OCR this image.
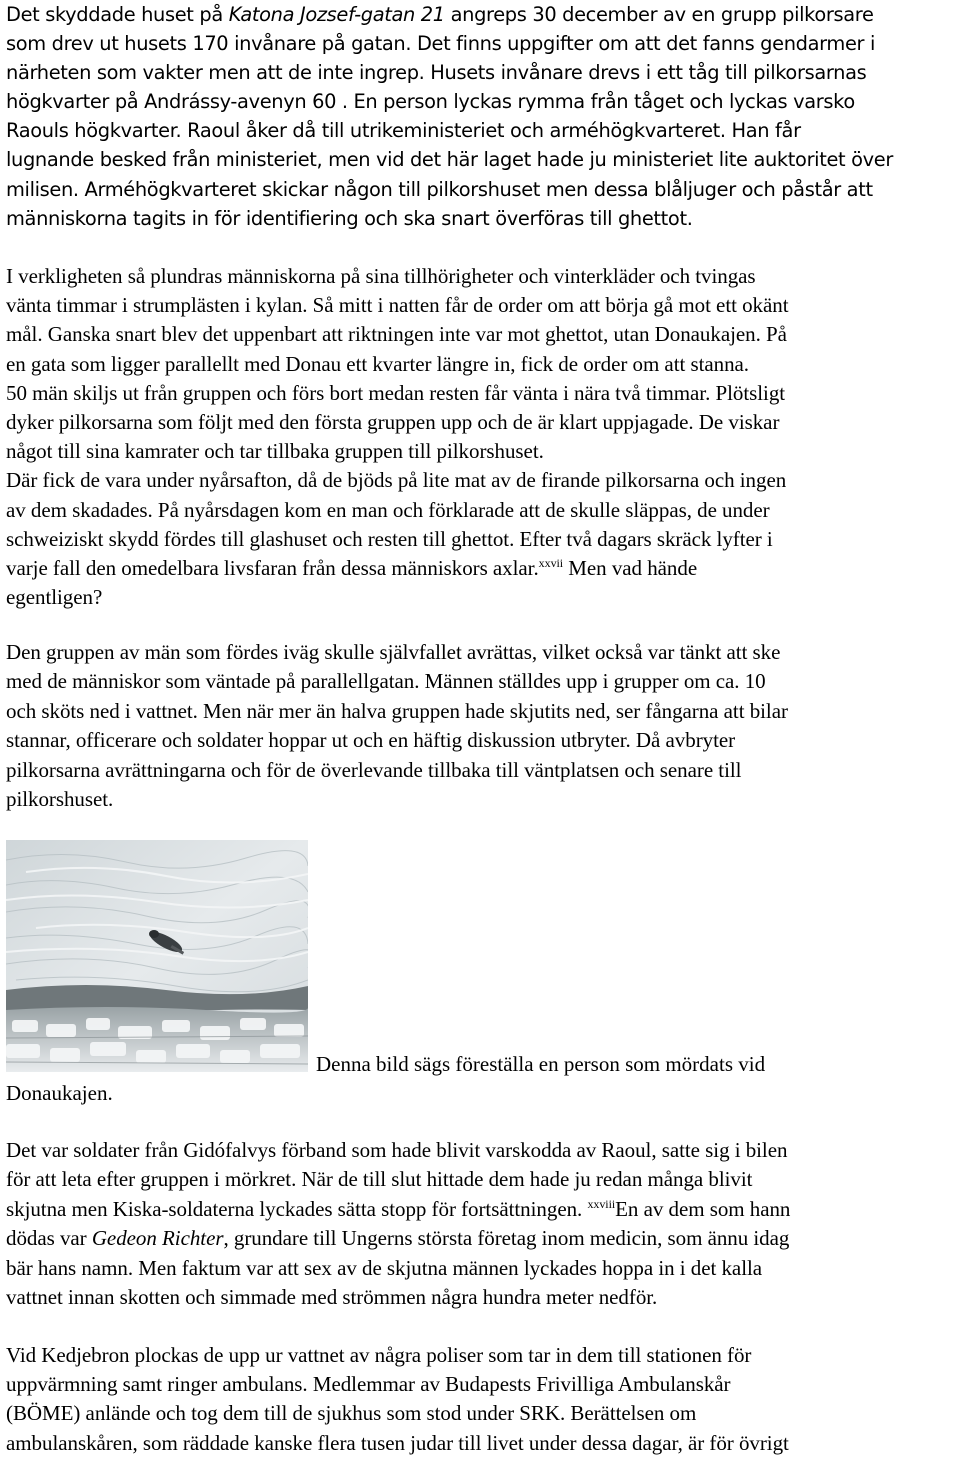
Det skyddade huset på Katona Jozsef-gatan 21 angreps 30 december av en grupp pilkorsare
som drev ut husets 170 invånare på gatan. Det finns uppgifter om att det fanns gendarmer i
närheten som vakter men att de inte ingrep. Husets invånare drevs i ett tåg till pilkorsarnas
högkvarter på Andrássy-avenyn 60 . En person lyckas rymma från tåget och lyckas varsko
Raouls högkvarter. Raoul åker då till utrikeministeriet och arméhögkvarteret. Han får
lugnande besked från ministeriet, men vid det här laget hade ju ministeriet lite auktoritet över
milisen. Arméhögkvarteret skickar någon till pilkorshuset men dessa blåljuger och påstår att
människorna tagits in för identifiering och ska snart överföras till ghettot.

I verkligheten så plundras människorna på sina tillhörigheter och vinterkläder och tvingas
vänta timmar i strumplästen i kylan. Så mitt i natten får de order om att börja gå mot ett okänt
mål. Ganska snart blev det uppenbart att riktningen inte var mot ghettot, utan Donaukajen. På
en gata som ligger parallellt med Donau ett kvarter längre in, fick de order om att stanna.
50 män skiljs ut från gruppen och förs bort medan resten får vänta i nära två timmar. Plötsligt
dyker pilkorsarna som följt med den första gruppen upp och de är klart uppjagade. De viskar
något till sina kamrater och tar tillbaka gruppen till pilkorshuset.
Där fick de vara under nyårsafton, då de bjöds på lite mat av de firande pilkorsarna och ingen
av dem skadades. På nyårsdagen kom en man och förklarade att de skulle släppas, de under
schweiziskt skydd fördes till glashuset och resten till ghettot. Efter två dagars skräck lyfter i
varje fall den omedelbara livsfaran från dessa människors axlar.$^{xxvii}$ Men vad hände
egentligen?

Den gruppen av män som fördes iväg skulle självfallet avrättas, vilket också var tänkt att ske
med de människor som väntade på parallellgatan. Männen ställdes upp i grupper om ca. 10
och sköts ned i vattnet. Men när mer än halva gruppen hade skjutits ned, ser fångarna att bilar
stannar, officerare och soldater hoppar ut och en häftig diskussion utbryter. Då avbryter
pilkorsarna avrättningarna och för de överlevande tillbaka till väntplatsen och senare till
pilkorshuset.

Denna bild sägs föreställa en person som mördats vid

Donaukajen.

Det var soldater från Gidófalvys förband som hade blivit varskodda av Raoul, satte sig i bilen
för att leta efter gruppen i mörkret. När de till slut hittade dem hade ju redan många blivit
skjutna men Kiska-soldaterna lyckades sätta stopp för fortsättningen. $^{xxviii}$En av dem som hann
dödas var Gedeon Richter, grundare till Ungerns största företag inom medicin, som ännu idag
bär hans namn. Men faktum var att sex av de skjutna männen lyckades hoppa in i det kalla
vattnet innan skotten och simmade med strömmen några hundra meter nedför.

Vid Kedjebron plockas de upp ur vattnet av några poliser som tar in dem till stationen för
uppvärmning samt ringer ambulans. Medlemmar av Budapests Frivilliga Ambulanskår
(BÖME) anlände och tog dem till de sjukhus som stod under SRK. Berättelsen om
ambulanskåren, som räddade kanske flera tusen judar till livet under dessa dagar, är för övrigt
